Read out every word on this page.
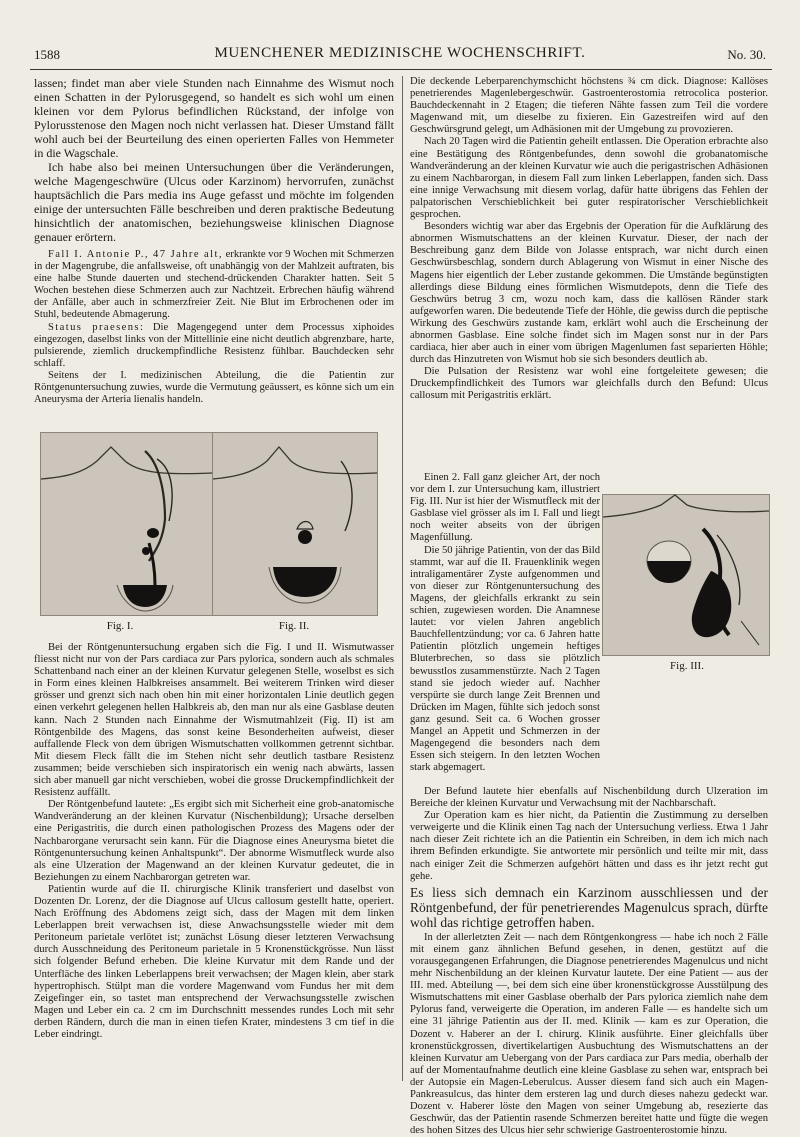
1588	MUENCHENER MEDIZINISCHE WOCHENSCHRIFT.	No. 30.

lassen; findet man aber viele Stunden nach Einnahme des Wismut noch einen Schatten in der Pylorusgegend, so handelt es sich wohl um einen kleinen vor dem Pylorus befindlichen Rückstand, der infolge von Pylorusstenose den Magen noch nicht verlassen hat. Dieser Umstand fällt wohl auch bei der Beurteilung des einen operierten Falles von Hemmeter in die Wagschale.

Ich habe also bei meinen Untersuchungen über die Veränderungen, welche Magengeschwüre (Ulcus oder Karzinom) hervorrufen, zunächst hauptsächlich die Pars media ins Auge gefasst und möchte im folgenden einige der untersuchten Fälle beschreiben und deren praktische Bedeutung hinsichtlich der anatomischen, beziehungsweise klinischen Diagnose genauer erörtern.

Fall I. Antonie P., 47 Jahre alt, erkrankte vor 9 Wochen mit Schmerzen in der Magengrube, die anfallsweise, oft unabhängig von der Mahlzeit auftraten, bis eine halbe Stunde dauerten und stechend-drückenden Charakter hatten. Seit 5 Wochen bestehen diese Schmerzen auch zur Nachtzeit. Erbrechen häufig während der Anfälle, aber auch in schmerzfreier Zeit. Nie Blut im Erbrochenen oder im Stuhl, bedeutende Abmagerung.

Status praesens: Die Magengegend unter dem Processus xiphoides eingezogen, daselbst links von der Mittellinie eine nicht deutlich abgrenzbare, harte, pulsierende, ziemlich druckempfindliche Resistenz fühlbar. Bauchdecken sehr schlaff.

Seitens der I. medizinischen Abteilung, die die Patientin zur Röntgenuntersuchung zuwies, wurde die Vermutung geäussert, es könne sich um ein Aneurysma der Arteria lienalis handeln.

Fig. I.	Fig. II.

Bei der Röntgenuntersuchung ergaben sich die Fig. I und II. Wismutwasser fliesst nicht nur von der Pars cardiaca zur Pars pylorica, sondern auch als schmales Schattenband nach einer an der kleinen Kurvatur gelegenen Stelle, woselbst es sich in Form eines kleinen Halbkreises ansammelt. Bei weiterem Trinken wird dieser grösser und grenzt sich nach oben hin mit einer horizontalen Linie deutlich gegen einen verkehrt gelegenen hellen Halbkreis ab, den man nur als eine Gasblase deuten kann. Nach 2 Stunden nach Einnahme der Wismutmahlzeit (Fig. II) ist am Röntgenbilde des Magens, das sonst keine Besonderheiten aufweist, dieser auffallende Fleck von dem übrigen Wismutschatten vollkommen getrennt sichtbar. Mit diesem Fleck fällt die im Stehen nicht sehr deutlich tastbare Resistenz zusammen; beide verschieben sich inspiratorisch ein wenig nach abwärts, lassen sich aber manuell gar nicht verschieben, wobei die grosse Druckempfindlichkeit der Resistenz auffällt.

Der Röntgenbefund lautete: „Es ergibt sich mit Sicherheit eine grob-anatomische Wandveränderung an der kleinen Kurvatur (Nischenbildung); Ursache derselben eine Perigastritis, die durch einen pathologischen Prozess des Magens oder der Nachbarorgane verursacht sein kann. Für die Diagnose eines Aneurysma bietet die Röntgenuntersuchung keinen Anhaltspunkt“. Der abnorme Wismutfleck wurde also als eine Ulzeration der Magenwand an der kleinen Kurvatur gedeutet, die in Beziehungen zu einem Nachbarorgan getreten war.

Patientin wurde auf die II. chirurgische Klinik transferiert und daselbst von Dozenten Dr. Lorenz, der die Diagnose auf Ulcus callosum gestellt hatte, operiert. Nach Eröffnung des Abdomens zeigt sich, dass der Magen mit dem linken Leberlappen breit verwachsen ist, diese Anwachsungsstelle wieder mit dem Peritoneum parietale verlötet ist; zunächst Lösung dieser letzteren Verwachsung durch Ausschneidung des Peritoneum parietale in 5 Kronenstückgrösse. Nun lässt sich folgender Befund erheben. Die kleine Kurvatur mit dem Rande und der Unterfläche des linken Leberlappens breit verwachsen; der Magen klein, aber stark hypertrophisch. Stülpt man die vordere Magenwand vom Fundus her mit dem Zeigefinger ein, so tastet man entsprechend der Verwachsungsstelle zwischen Magen und Leber ein ca. 2 cm im Durchschnitt messendes rundes Loch mit sehr derben Rändern, durch die man in einen tiefen Krater, mindestens 3 cm tief in die Leber eindringt.

Die deckende Leberparenchymschicht höchstens ¾ cm dick. Diagnose: Kallöses penetrierendes Magenlebergeschwür. Gastroenterostomia retrocolica posterior. Bauchdeckennaht in 2 Etagen; die tieferen Nähte fassen zum Teil die vordere Magenwand mit, um dieselbe zu fixieren. Ein Gazestreifen wird auf den Geschwürsgrund gelegt, um Adhäsionen mit der Umgebung zu provozieren.

Nach 20 Tagen wird die Patientin geheilt entlassen. Die Operation erbrachte also eine Bestätigung des Röntgenbefundes, denn sowohl die grobanatomische Wandveränderung an der kleinen Kurvatur wie auch die perigastrischen Adhäsionen zu einem Nachbarorgan, in diesem Fall zum linken Leberlappen, fanden sich. Dass eine innige Verwachsung mit diesem vorlag, dafür hatte übrigens das Fehlen der palpatorischen Verschieblichkeit bei guter respiratorischer Verschieblichkeit gesprochen.

Besonders wichtig war aber das Ergebnis der Operation für die Aufklärung des abnormen Wismutschattens an der kleinen Kurvatur. Dieser, der nach der Beschreibung ganz dem Bilde von Jolasse entsprach, war nicht durch einen Geschwürsbeschlag, sondern durch Ablagerung von Wismut in einer Nische des Magens hier eigentlich der Leber zustande gekommen. Die Umstände begünstigten allerdings diese Bildung eines förmlichen Wismutdepots, denn die Tiefe des Geschwürs betrug 3 cm, wozu noch kam, dass die kallösen Ränder stark aufgeworfen waren. Die bedeutende Tiefe der Höhle, die gewiss durch die peptische Wirkung des Geschwürs zustande kam, erklärt wohl auch die Erscheinung der abnormen Gasblase. Eine solche findet sich im Magen sonst nur in der Pars cardiaca, hier aber auch in einer vom übrigen Magenlumen fast separierten Höhle; durch das Hinzutreten von Wismut hob sie sich besonders deutlich ab.

Die Pulsation der Resistenz war wohl eine fortgeleitete gewesen; die Druckempfindlichkeit des Tumors war gleichfalls durch den Befund: Ulcus callosum mit Perigastritis erklärt.

Einen 2. Fall ganz gleicher Art, der noch vor dem I. zur Untersuchung kam, illustriert Fig. III. Nur ist hier der Wismutfleck mit der Gasblase viel grösser als im I. Fall und liegt noch weiter abseits von der übrigen Magenfüllung.

Die 50 jährige Patientin, von der das Bild stammt, war auf die II. Frauenklinik wegen intraligamentärer Zyste aufgenommen und von dieser zur Röntgenuntersuchung des Magens, der gleichfalls erkrankt zu sein schien, zugewiesen worden. Die Anamnese lautet: vor vielen Jahren angeblich Bauchfellentzündung; vor ca. 6 Jahren hatte Patientin plötzlich ungemein heftiges Bluterbrechen, so dass sie plötzlich bewusstlos zusammenstürzte. Nach 2 Tagen stand sie jedoch wieder auf. Nachher verspürte sie durch lange Zeit Brennen und Drücken im Magen, fühlte sich jedoch sonst ganz gesund. Seit ca. 6 Wochen grosser Mangel an Appetit und Schmerzen in der Magengegend die besonders nach dem Essen sich steigern. In den letzten Wochen stark abgemagert.

Fig. III.

Der Befund lautete hier ebenfalls auf Nischenbildung durch Ulzeration im Bereiche der kleinen Kurvatur und Verwachsung mit der Nachbarschaft.

Zur Operation kam es hier nicht, da Patientin die Zustimmung zu derselben verweigerte und die Klinik einen Tag nach der Untersuchung verliess. Etwa 1 Jahr nach dieser Zeit richtete ich an die Patientin ein Schreiben, in dem ich mich nach ihrem Befinden erkundigte. Sie antwortete mir persönlich und teilte mir mit, dass nach einiger Zeit die Schmerzen aufgehört hätten und dass es ihr jetzt recht gut gehe.

Es liess sich demnach ein Karzinom ausschliessen und der Röntgenbefund, der für penetrierendes Magenulcus sprach, dürfte wohl das richtige getroffen haben.

In der allerletzten Zeit — nach dem Röntgenkongress — habe ich noch 2 Fälle mit einem ganz ähnlichen Befund gesehen, in denen, gestützt auf die vorausgegangenen Erfahrungen, die Diagnose penetrierendes Magenulcus und nicht mehr Nischenbildung an der kleinen Kurvatur lautete. Der eine Patient — aus der III. med. Abteilung —, bei dem sich eine über kronenstückgrosse Ausstülpung des Wismutschattens mit einer Gasblase oberhalb der Pars pylorica ziemlich nahe dem Pylorus fand, verweigerte die Operation, im anderen Falle — es handelte sich um eine 31 jährige Patientin aus der II. med. Klinik — kam es zur Operation, die Dozent v. Haberer an der I. chirurg. Klinik ausführte. Einer gleichfalls über kronenstückgrossen, divertikelartigen Ausbuchtung des Wismutschattens an der kleinen Kurvatur am Uebergang von der Pars cardiaca zur Pars media, oberhalb der auf der Momentaufnahme deutlich eine kleine Gasblase zu sehen war, entsprach bei der Autopsie ein Magen-Leberulcus. Ausser diesem fand sich auch ein Magen-Pankreasulcus, das hinter dem ersteren lag und durch dieses nahezu gedeckt war. Dozent v. Haberer löste den Magen von seiner Umgebung ab, resezierte das Geschwür, das der Patientin rasende Schmerzen bereitet hatte und fügte die wegen des hohen Sitzes des Ulcus hier sehr schwierige Gastroenterostomie hinzu.
